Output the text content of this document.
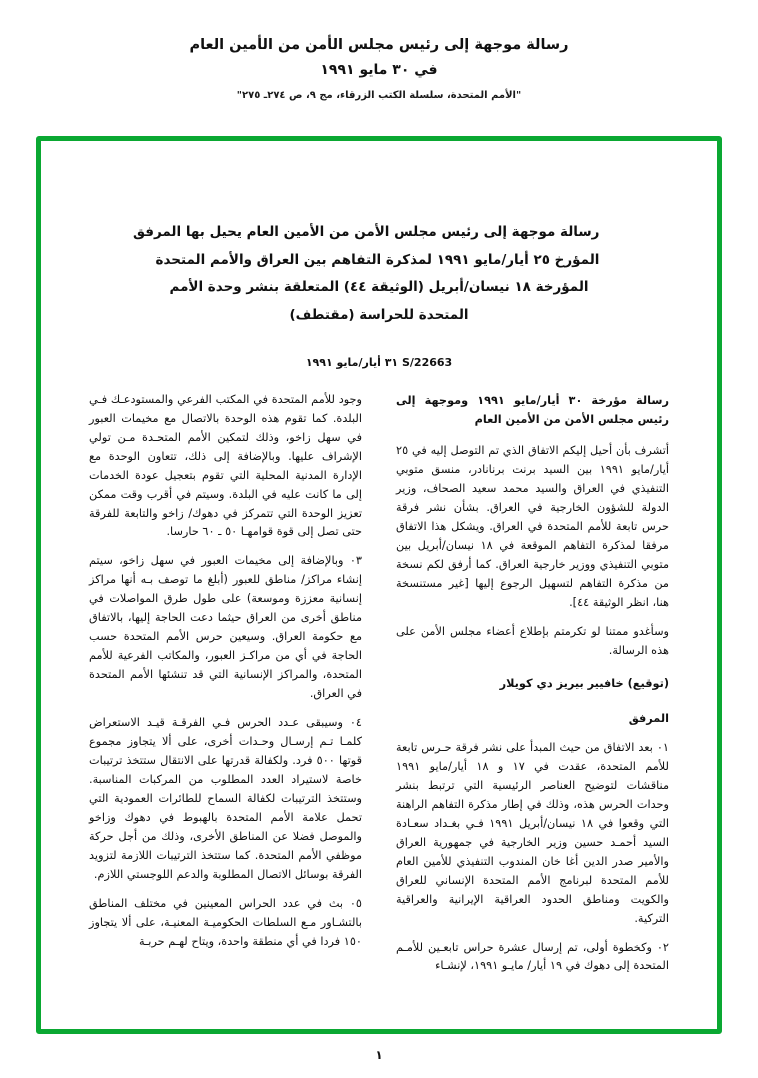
رسالة موجهة إلى رئيس مجلس الأمن من الأمين العام
في ٣٠ مايو ١٩٩١
"الأمم المتحدة، سلسلة الكتب الزرقاء، مج ٩، ص ٢٧٤ـ ٢٧٥"
رسالة موجهة إلى رئيس مجلس الأمن من الأمين العام يحيل بها المرفق
المؤرخ ٢٥ أيار/مايو ١٩٩١ لمذكرة التفاهم بين العراق والأمم المتحدة
المؤرخة ١٨ نيسان/أبريل (الوثيقة ٤٤) المتعلقة بنشر وحدة الأمم
المتحدة للحراسة (مقتطف)
S/22663 ٣١ أيار/مايو ١٩٩١

رسالة مؤرخة ٣٠ أيار/مايو ١٩٩١ وموجهة إلى رئيس مجلس الأمن من الأمين العام

أتشرف بأن أحيل إليكم الاتفاق الذي تم التوصل إليه في ٢٥ أيار/مايو ١٩٩١ بين السيد برنت برنانادر، منسق متوبي التنفيذي في العراق والسيد محمد سعيد الصحاف، وزير الدولة للشؤون الخارجية في العراق. بشأن نشر فرقة حرس تابعة للأمم المتحدة في العراق. ويشكل هذا الاتفاق مرفقا لمذكرة التفاهم الموقعة في ١٨ نيسان/أبريل بين متوبي التنفيذي ووزير خارجية العراق. كما أرفق لكم نسخة من مذكرة التفاهم لتسهيل الرجوع إليها [غير مستنسخة هنا، انظر الوثيقة ٤٤].

وسأغدو ممتنا لو تكرمتم بإطلاع أعضاء مجلس الأمن على هذه الرسالة.

(توقيع) خافيير بيريز دي كويلار

المرفق

٠١ بعد الاتفاق من حيث المبدأ على نشر فرقة حـرس تابعة للأمم المتحدة، عقدت في ١٧ و ١٨ أيار/مايو ١٩٩١ مناقشات لتوضيح العناصر الرئيسية التي ترتبط بنشر وحدات الحرس هذه، وذلك في إطار مذكرة التفاهم الراهنة التي وقعوا في ١٨ نيسان/أبريل ١٩٩١ فـي بغـداد سعـادة السيد أحمـد حسين وزير الخارجية في جمهورية العراق والأمير صدر الدين أغا خان المندوب التنفيذي للأمين العام للأمم المتحدة لبرنامج الأمم المتحدة الإنساني للعراق والكويت ومناطق الحدود العراقية الإيرانية والعراقية التركية.

٠٢ وكخطوة أولى، تم إرسال عشرة حراس تابعـين للأمـم المتحدة إلى دهوك في ١٩ أيار/ مايـو ١٩٩١، لإنشـاء

وجود للأمم المتحدة في المكتب الفرعي والمستودعـك فـي البلدة. كما تقوم هذه الوحدة بالاتصال مع مخيمات العبور في سهل زاخو، وذلك لتمكين الأمم المتحـدة مـن تولي الإشراف عليها. وبالإضافة إلى ذلك، تتعاون الوحدة مع الإدارة المدنية المحلية التي تقوم بتعجيل عودة الخدمات إلى ما كانت عليه في البلدة. وسيتم في أقرب وقت ممكن تعزيز الوحدة التي تتمركز في دهوك/ زاخو والتابعة للفرقة حتى تصل إلى قوة قوامهـا ٥٠ ـ ٦٠ حارسا.

٠٣ وبالإضافة إلى مخيمات العبور في سهل زاخو، سيتم إنشاء مراكز/ مناطق للعبور (أبلغ ما توصف بـه أنها مراكز إنسانية معززة وموسعة) على طول طرق المواصلات في مناطق أخرى من العراق حيثما دعت الحاجة إليها، بالاتفاق مع حكومة العراق. وسيعين حرس الأمم المتحدة حسب الحاجة في أي من مراكـز العبور، والمكاتب الفرعية للأمم المتحدة، والمراكز الإنسانية التي قد تنشئها الأمم المتحدة في العراق.

٠٤ وسيبقى عـدد الحرس فـي الفرقـة قيـد الاستعراض كلمـا تـم إرسـال وحـدات أخرى، على ألا يتجاوز مجموع قوتها ٥٠٠ فرد. ولكفالة قدرتها على الانتقال ستتخذ ترتيبات خاصة لاستيراد العدد المطلوب من المركبات المناسبة. وستتخذ الترتيبات لكفالة السماح للطائرات العمودية التي تحمل علامة الأمم المتحدة بالهبوط في دهوك وزاخو والموصل فضلا عن المناطق الأخرى، وذلك من أجل حركة موظفي الأمم المتحدة. كما ستتخذ الترتيبات اللازمة لتزويد الفرقة بوسائل الاتصال المطلوبة والدعم اللوجستي اللازم.

٠٥ بث في عدد الحراس المعينين في مختلف المناطق بالتشـاور مـع السلطات الحكوميـة المعنيـة، على ألا يتجاوز ١٥٠ فردا في أي منطقة واحدة، ويتاح لهـم حربـة

١
